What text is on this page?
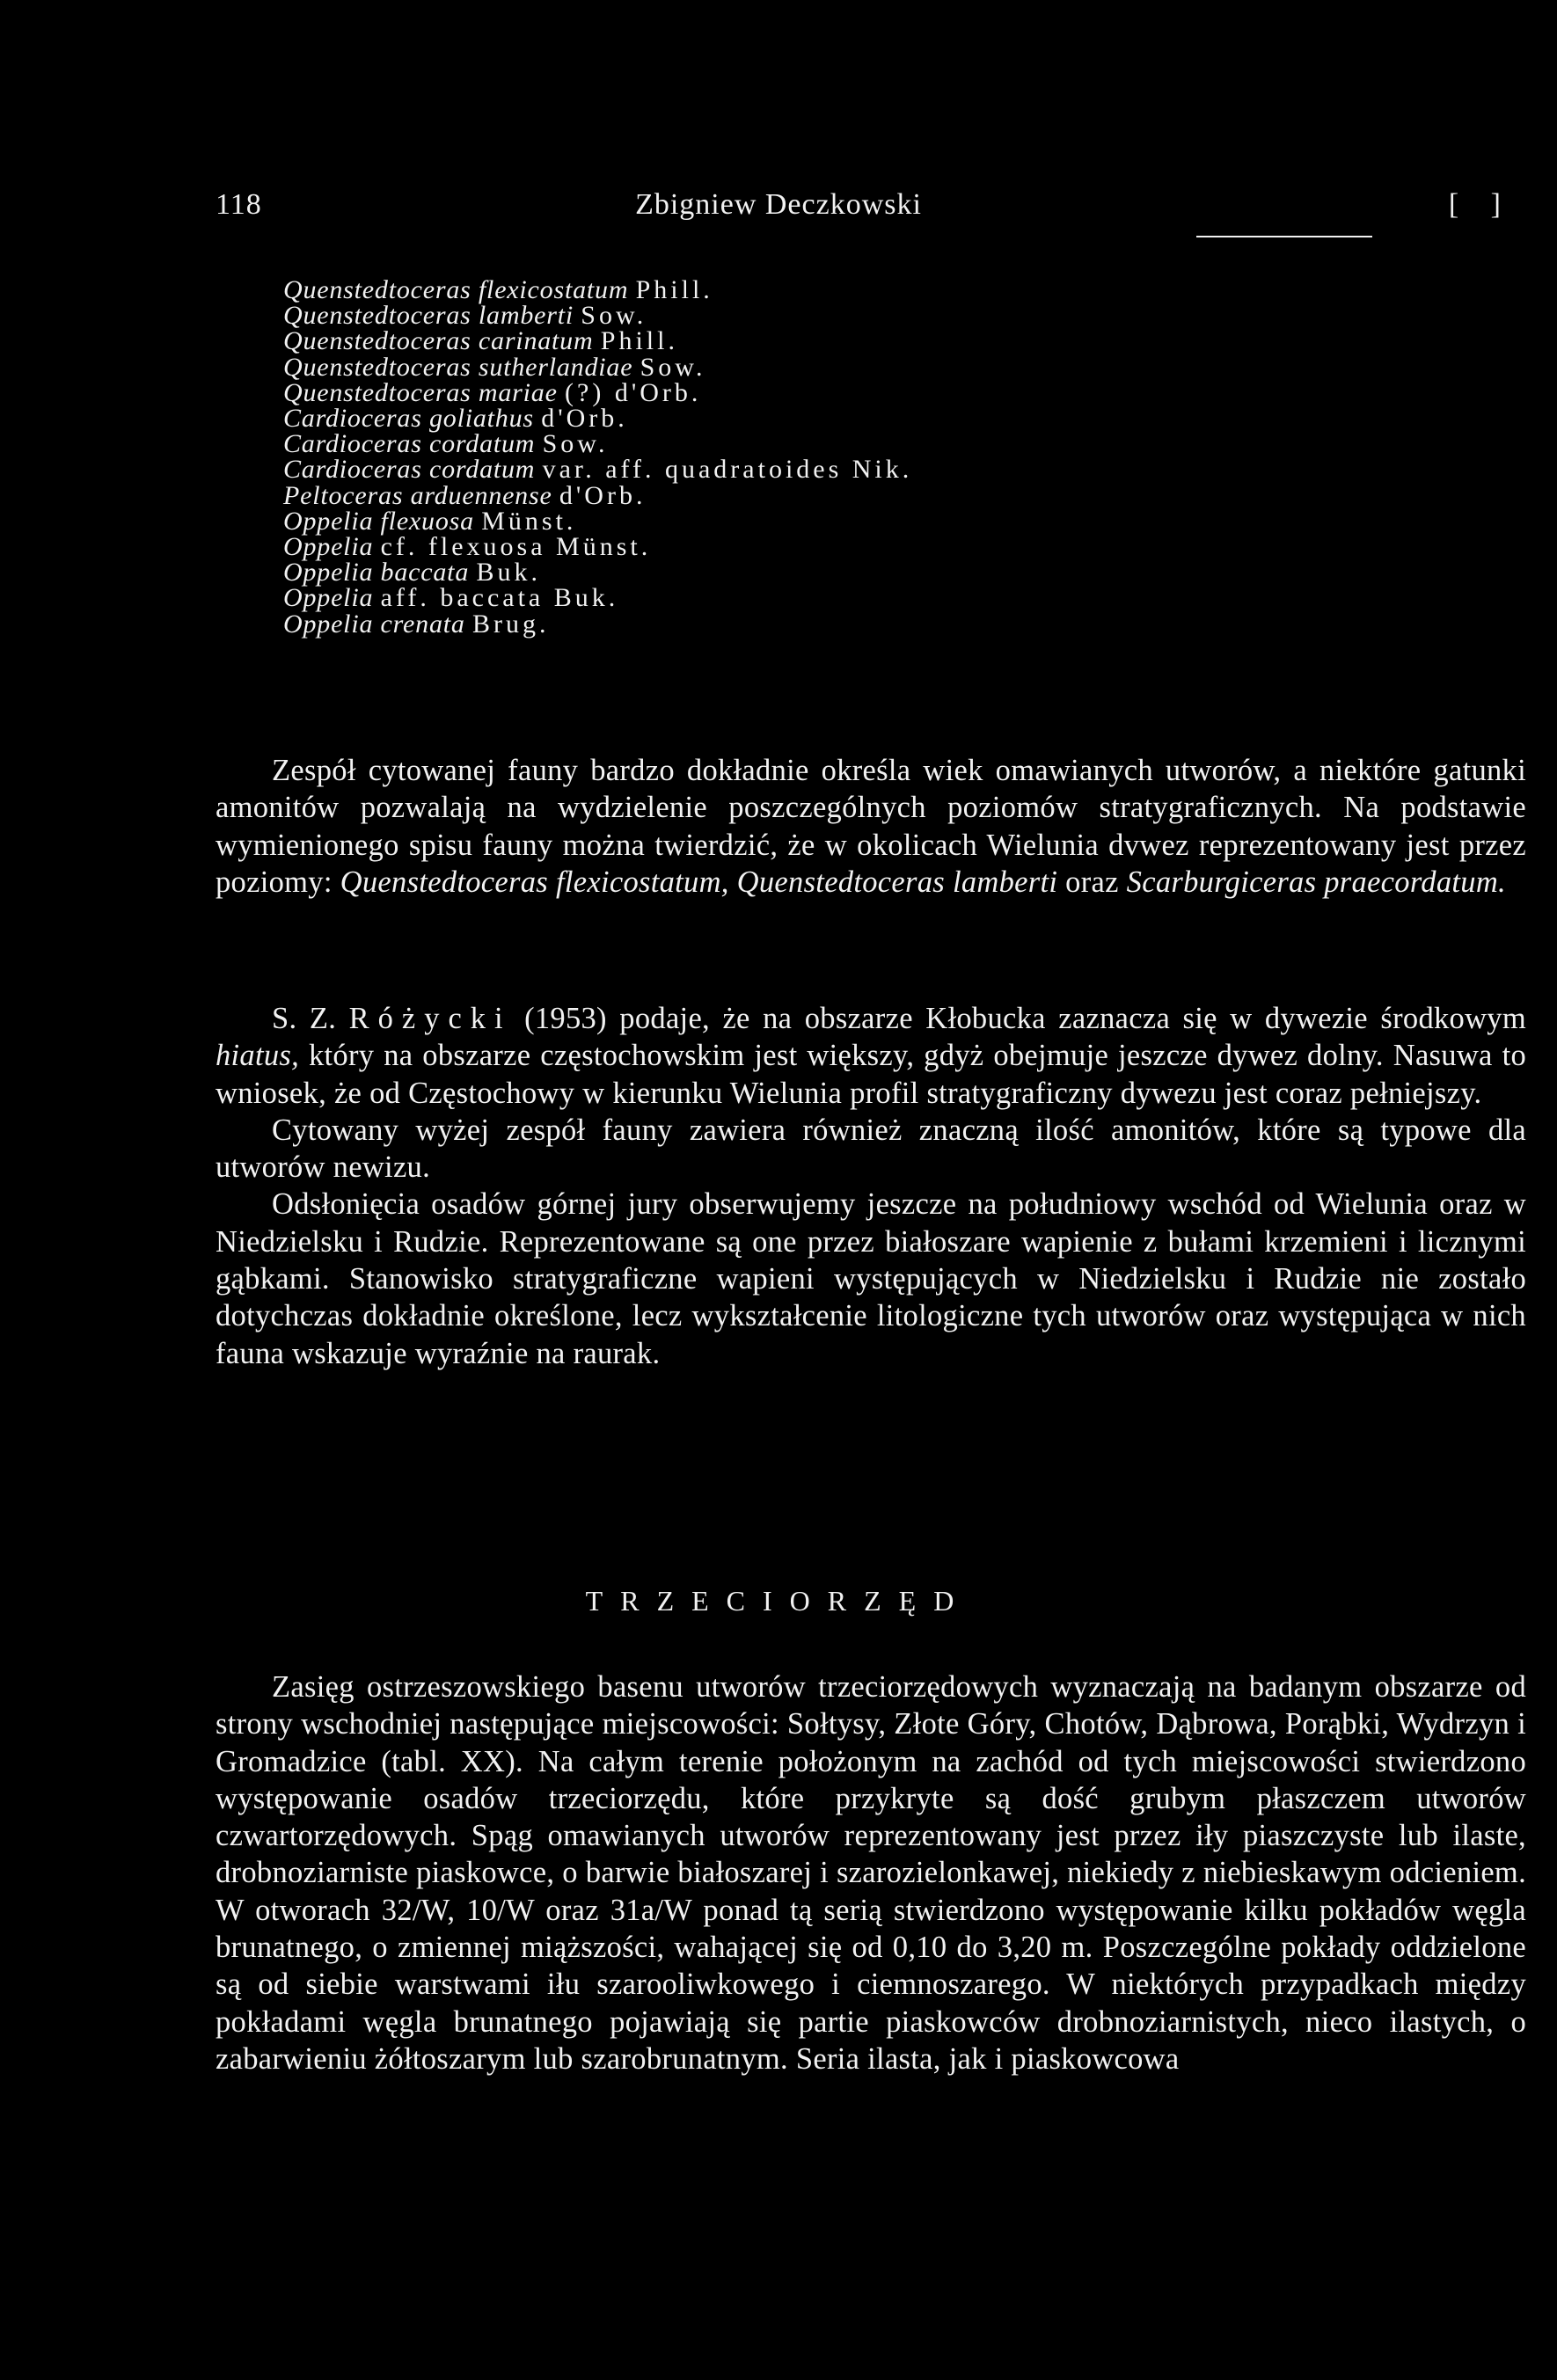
118	Zbigniew Deczkowski	[ ]
Quenstedtoceras flexicostatum Phill.
Quenstedtoceras lamberti Sow.
Quenstedtoceras carinatum Phill.
Quenstedtoceras sutherlandiae Sow.
Quenstedtoceras mariae (?) d'Orb.
Cardioceras goliathus d'Orb.
Cardioceras cordatum Sow.
Cardioceras cordatum var. aff. quadratoides Nik.
Peltoceras arduennense d'Orb.
Oppelia flexuosa Münst.
Oppelia cf. flexuosa Münst.
Oppelia baccata Buk.
Oppelia aff. baccata Buk.
Oppelia crenata Brug.

Zespół cytowanej fauny bardzo dokładnie określa wiek omawianych utworów, a niektóre gatunki amonitów pozwalają na wydzielenie poszczególnych poziomów stratygraficznych. Na podstawie wymienionego spisu fauny można twierdzić, że w okolicach Wielunia dvwez reprezentowany jest przez poziomy: Quenstedtoceras flexicostatum, Quenstedtoceras lamberti oraz Scarburgiceras praecordatum.

S. Z. Różycki (1953) podaje, że na obszarze Kłobucka zaznacza się w dywezie środkowym hiatus, który na obszarze częstochowskim jest większy, gdyż obejmuje jeszcze dywez dolny. Nasuwa to wniosek, że od Częstochowy w kierunku Wielunia profil stratygraficzny dywezu jest coraz pełniejszy.

Cytowany wyżej zespół fauny zawiera również znaczną ilość amonitów, które są typowe dla utworów newizu.

Odsłonięcia osadów górnej jury obserwujemy jeszcze na południowy wschód od Wielunia oraz w Niedzielsku i Rudzie. Reprezentowane są one przez białoszare wapienie z bułami krzemieni i licznymi gąbkami. Stanowisko stratygraficzne wapieni występujących w Niedzielsku i Rudzie nie zostało dotychczas dokładnie określone, lecz wykształcenie litologiczne tych utworów oraz występująca w nich fauna wskazuje wyraźnie na raurak.

TRZECIORZĘD

Zasięg ostrzeszowskiego basenu utworów trzeciorzędowych wyznaczają na badanym obszarze od strony wschodniej następujące miejscowości: Sołtysy, Złote Góry, Chotów, Dąbrowa, Porąbki, Wydrzyn i Gromadzice (tabl. XX). Na całym terenie położonym na zachód od tych miejscowości stwierdzono występowanie osadów trzeciorzędu, które przykryte są dość grubym płaszczem utworów czwartorzędowych. Spąg omawianych utworów reprezentowany jest przez iły piaszczyste lub ilaste, drobnoziarniste piaskowce, o barwie białoszarej i szarozielonkawej, niekiedy z niebieskawym odcieniem. W otworach 32/W, 10/W oraz 31a/W ponad tą serią stwierdzono występowanie kilku pokładów węgla brunatnego, o zmiennej miąższości, wahającej się od 0,10 do 3,20 m. Poszczególne pokłady oddzielone są od siebie warstwami iłu szarooliwkowego i ciemnoszarego. W niektórych przypadkach między pokładami węgla brunatnego pojawiają się partie piaskowców drobnoziarnistych, nieco ilastych, o zabarwieniu żółtoszarym lub szarobrunatnym. Seria ilasta, jak i piaskowcowa
